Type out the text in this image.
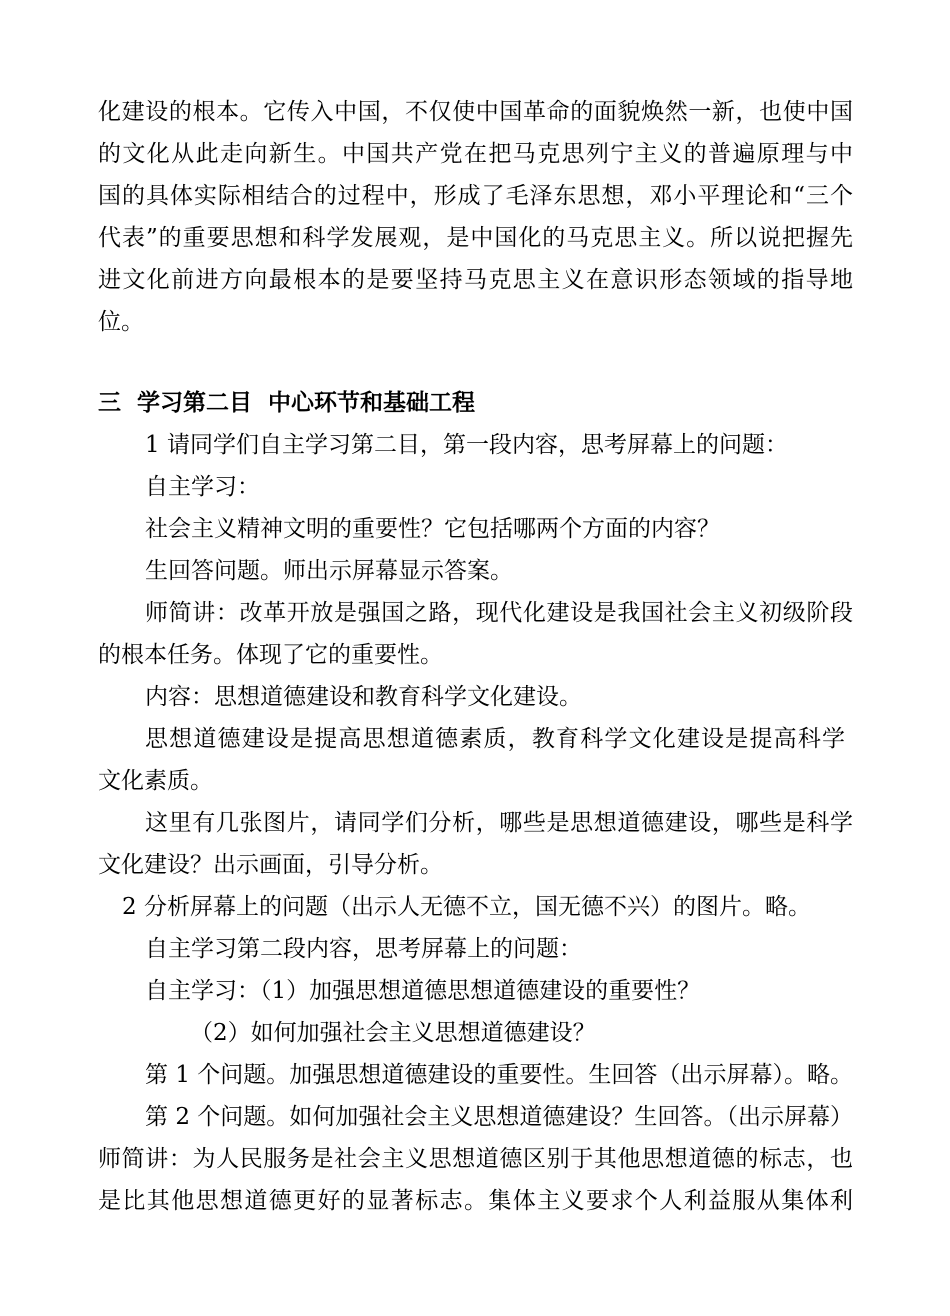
化建设的根本。它传入中国，不仅使中国革命的面貌焕然一新，也使中国
的文化从此走向新生。中国共产党在把马克思列宁主义的普遍原理与中
国的具体实际相结合的过程中，形成了毛泽东思想，邓小平理论和“三个
代表”的重要思想和科学发展观，是中国化的马克思主义。所以说把握先
进文化前进方向最根本的是要坚持马克思主义在意识形态领域的指导地
位。
三  学习第二目  中心环节和基础工程
1 请同学们自主学习第二目，第一段内容，思考屏幕上的问题：
自主学习：
社会主义精神文明的重要性？它包括哪两个方面的内容？
生回答问题。师出示屏幕显示答案。
师简讲：改革开放是强国之路，现代化建设是我国社会主义初级阶段
的根本任务。体现了它的重要性。
内容：思想道德建设和教育科学文化建设。
思想道德建设是提高思想道德素质，教育科学文化建设是提高科学
文化素质。
这里有几张图片，请同学们分析，哪些是思想道德建设，哪些是科学
文化建设？出示画面，引导分析。
2 分析屏幕上的问题（出示人无德不立，国无德不兴）的图片。略。
自主学习第二段内容，思考屏幕上的问题：
自主学习：（1）加强思想道德思想道德建设的重要性？
（2）如何加强社会主义思想道德建设？
第 1 个问题。加强思想道德建设的重要性。生回答（出示屏幕）。略。
第 2 个问题。如何加强社会主义思想道德建设？生回答。（出示屏幕）
师简讲：为人民服务是社会主义思想道德区别于其他思想道德的标志，也
是比其他思想道德更好的显著标志。集体主义要求个人利益服从集体利
